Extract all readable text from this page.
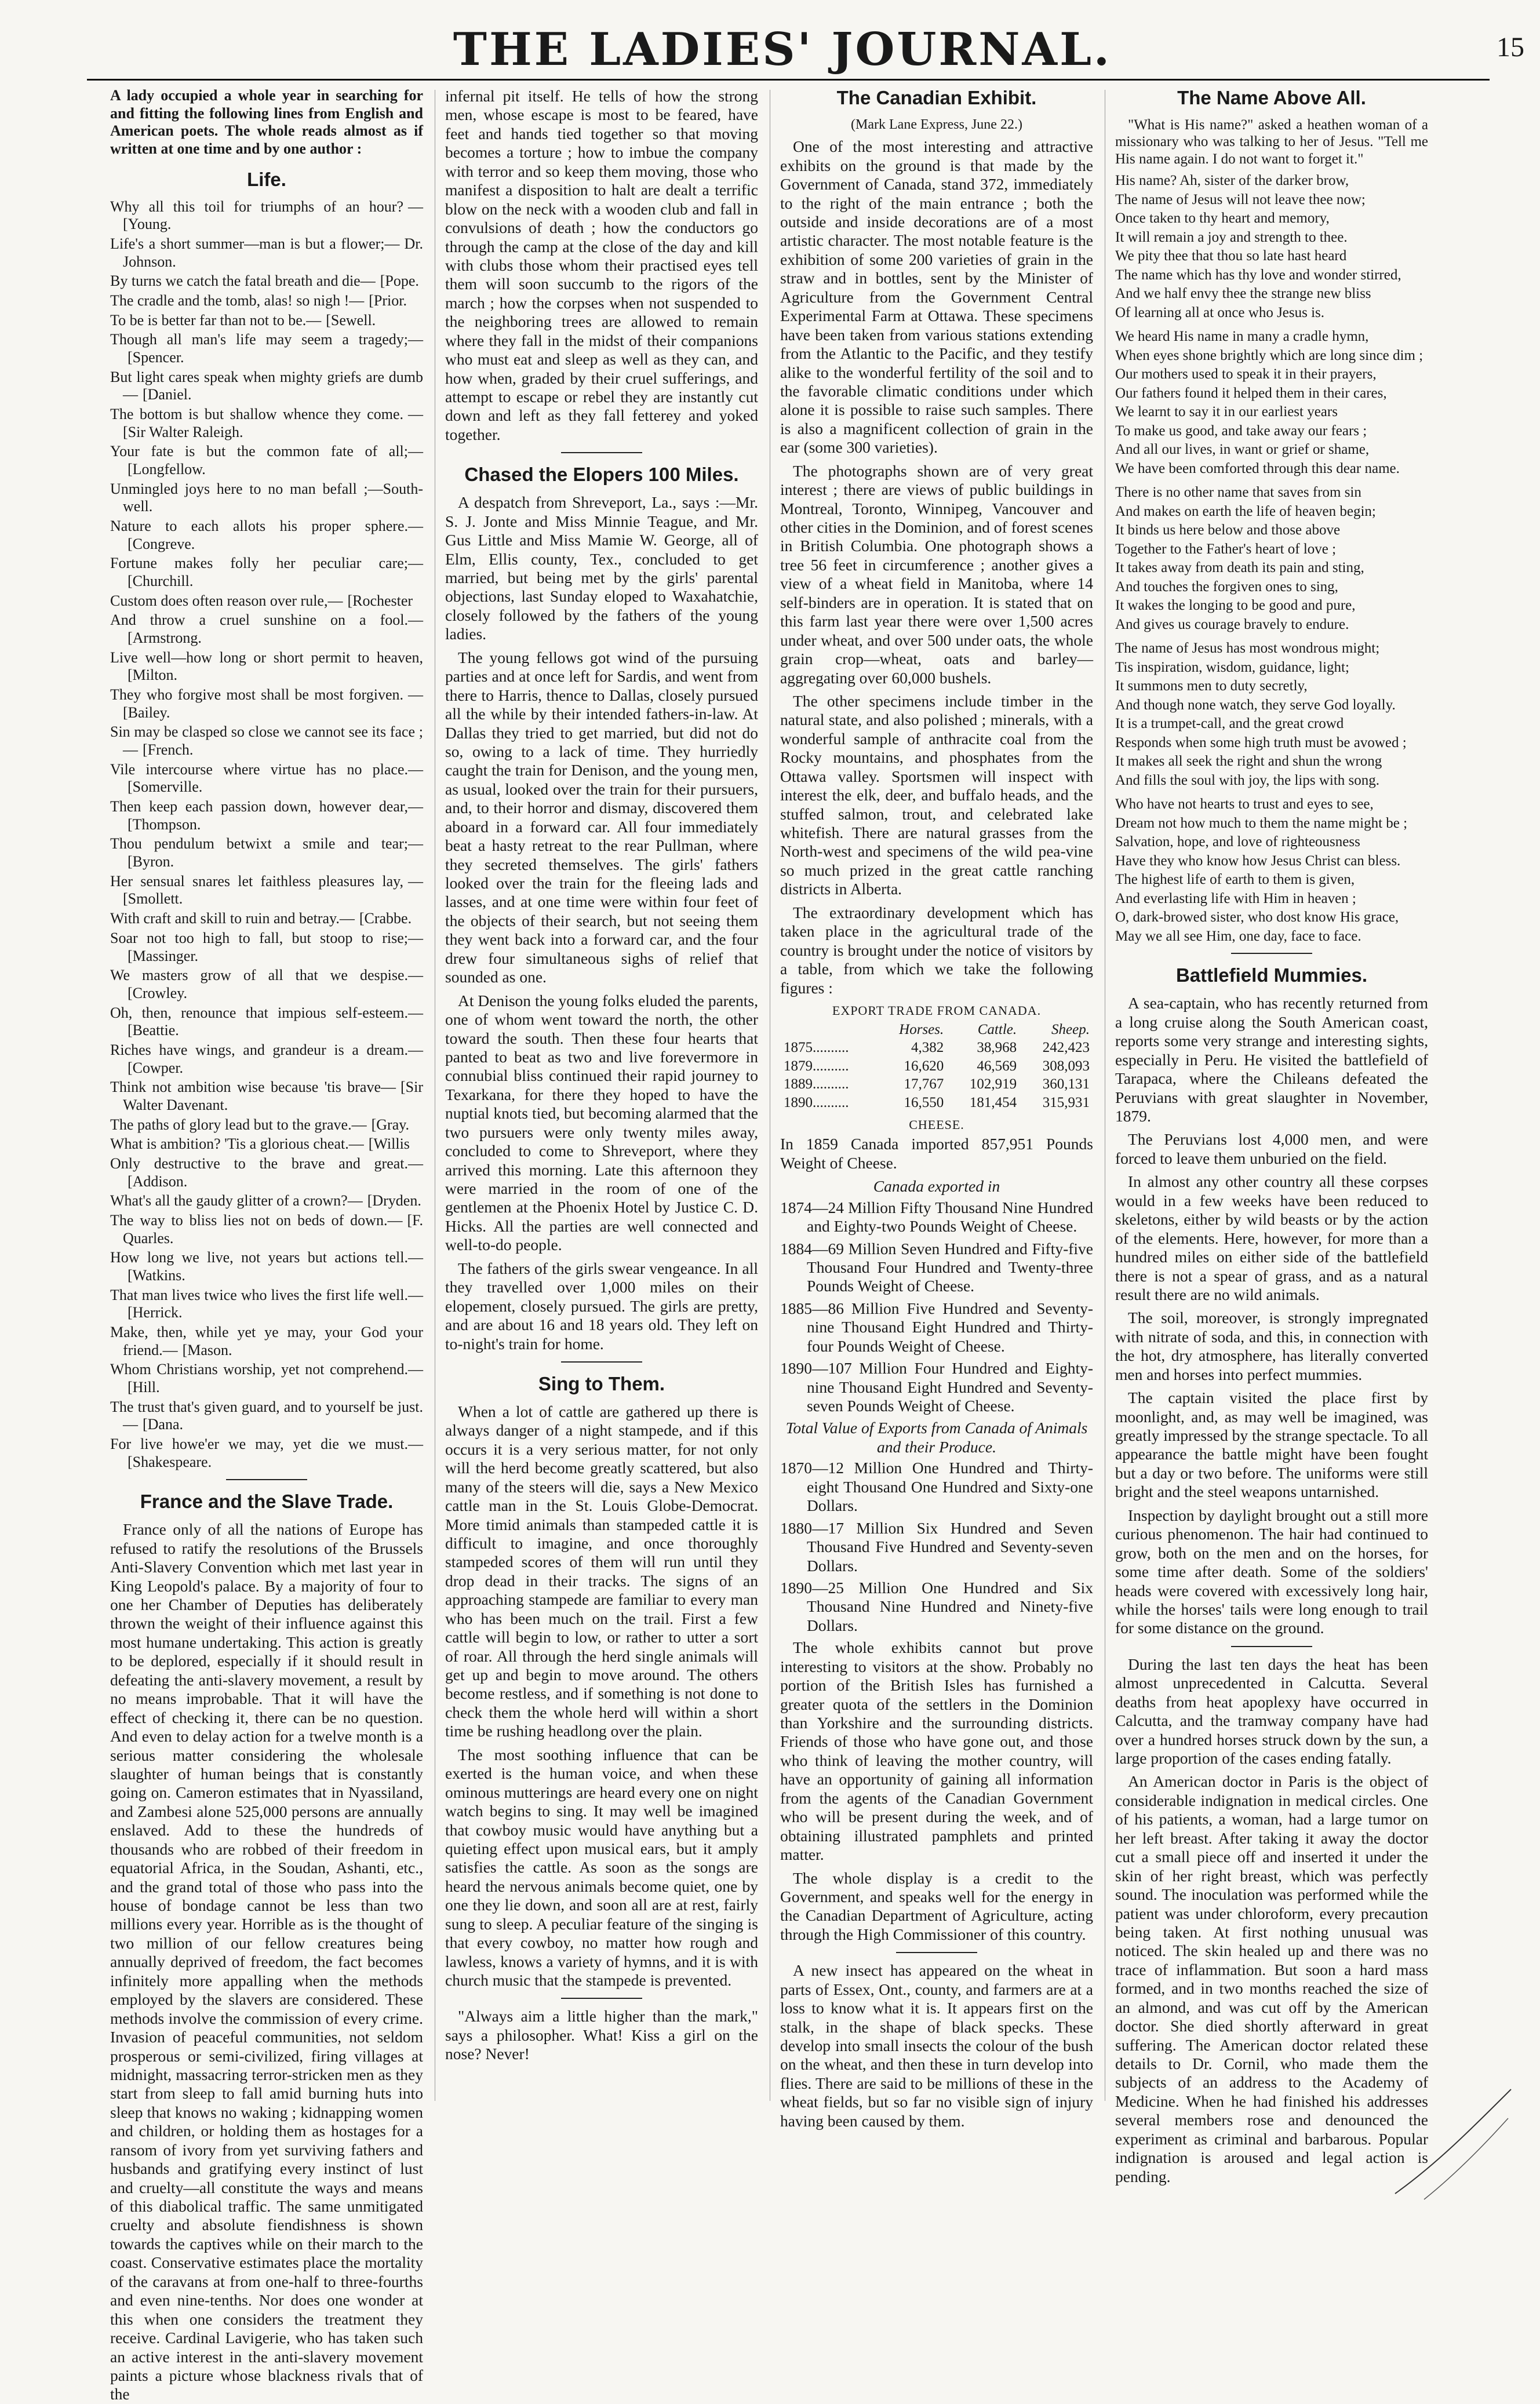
THE LADIES' JOURNAL.	15

A lady occupied a whole year in searching for and fitting the following lines from English and American poets. The whole reads almost as if written at one time and by one author :

Life.
Why all this toil for triumphs of an hour? —[Young.
Life's a short summer—man is but a flower;— Dr. Johnson.
By turns we catch the fatal breath and die— [Pope.
The cradle and the tomb, alas! so nigh !— [Prior.
To be is better far than not to be.— [Sewell.
Though all man's life may seem a tragedy;—[Spencer.
But light cares speak when mighty griefs are dumb— [Daniel.
The bottom is but shallow whence they come. —[Sir Walter Raleigh.
Your fate is but the common fate of all;—[Longfellow.
Unmingled joys here to no man befall ;—South-well.
Nature to each allots his proper sphere.—[Congreve.
Fortune makes folly her peculiar care;—[Churchill.
Custom does often reason over rule,— [Rochester
And throw a cruel sunshine on a fool.—[Armstrong.
Live well—how long or short permit to heaven,[Milton.
They who forgive most shall be most forgiven. —[Bailey.
Sin may be clasped so close we cannot see its face ;— [French.
Vile intercourse where virtue has no place.—[Somerville.
Then keep each passion down, however dear,—[Thompson.
Thou pendulum betwixt a smile and tear;—[Byron.
Her sensual snares let faithless pleasures lay, —[Smollett.
With craft and skill to ruin and betray.— [Crabbe.
Soar not too high to fall, but stoop to rise;—[Massinger.
We masters grow of all that we despise.—[Crowley.
Oh, then, renounce that impious self-esteem.—[Beattie.
Riches have wings, and grandeur is a dream.—[Cowper.
Think not ambition wise because 'tis brave— [Sir Walter Davenant.
The paths of glory lead but to the grave.— [Gray.
What is ambition? 'Tis a glorious cheat.— [Willis
Only destructive to the brave and great.—[Addison.
What's all the gaudy glitter of a crown?— [Dryden.
The way to bliss lies not on beds of down.— [F. Quarles.
How long we live, not years but actions tell.—[Watkins.
That man lives twice who lives the first life well.—[Herrick.
Make, then, while yet ye may, your God your friend.— [Mason.
Whom Christians worship, yet not comprehend.—[Hill.
The trust that's given guard, and to yourself be just.— [Dana.
For live howe'er we may, yet die we must.—[Shakespeare.
France and the Slave Trade.

France only of all the nations of Europe has refused to ratify the resolutions of the Brussels Anti-Slavery Convention which met last year in King Leopold's palace. By a majority of four to one her Chamber of Deputies has deliberately thrown the weight of their influence against this most humane undertaking. This action is greatly to be deplored, especially if it should result in defeating the anti-slavery movement, a result by no means improbable. That it will have the effect of checking it, there can be no question. And even to delay action for a twelve month is a serious matter considering the wholesale slaughter of human beings that is constantly going on. Cameron estimates that in Nyassiland, and Zambesi alone 525,000 persons are annually enslaved. Add to these the hundreds of thousands who are robbed of their freedom in equatorial Africa, in the Soudan, Ashanti, etc., and the grand total of those who pass into the house of bondage cannot be less than two millions every year. Horrible as is the thought of two million of our fellow creatures being annually deprived of freedom, the fact becomes infinitely more appalling when the methods employed by the slavers are considered. These methods involve the commission of every crime. Invasion of peaceful communities, not seldom prosperous or semi-civilized, firing villages at midnight, massacring terror-stricken men as they start from sleep to fall amid burning huts into sleep that knows no waking ; kidnapping women and children, or holding them as hostages for a ransom of ivory from yet surviving fathers and husbands and gratifying every instinct of lust and cruelty—all constitute the ways and means of this diabolical traffic. The same unmitigated cruelty and absolute fiendishness is shown towards the captives while on their march to the coast. Conservative estimates place the mortality of the caravans at from one-half to three-fourths and even nine-tenths. Nor does one wonder at this when one considers the treatment they receive. Cardinal Lavigerie, who has taken such an active interest in the anti-slavery movement paints a picture whose blackness rivals that of the

infernal pit itself. He tells of how the strong men, whose escape is most to be feared, have feet and hands tied together so that moving becomes a torture ; how to imbue the company with terror and so keep them moving, those who manifest a disposition to halt are dealt a terrific blow on the neck with a wooden club and fall in convulsions of death ; how the conductors go through the camp at the close of the day and kill with clubs those whom their practised eyes tell them will soon succumb to the rigors of the march ; how the corpses when not suspended to the neighboring trees are allowed to remain where they fall in the midst of their companions who must eat and sleep as well as they can, and how when, graded by their cruel sufferings, and attempt to escape or rebel they are instantly cut down and left as they fall fetterey and yoked together.

Chased the Elopers 100 Miles.

A despatch from Shreveport, La., says :—Mr. S. J. Jonte and Miss Minnie Teague, and Mr. Gus Little and Miss Mamie W. George, all of Elm, Ellis county, Tex., concluded to get married, but being met by the girls' parental objections, last Sunday eloped to Waxahatchie, closely followed by the fathers of the young ladies.

The young fellows got wind of the pursuing parties and at once left for Sardis, and went from there to Harris, thence to Dallas, closely pursued all the while by their intended fathers-in-law. At Dallas they tried to get married, but did not do so, owing to a lack of time. They hurriedly caught the train for Denison, and the young men, as usual, looked over the train for their pursuers, and, to their horror and dismay, discovered them aboard in a forward car. All four immediately beat a hasty retreat to the rear Pullman, where they secreted themselves. The girls' fathers looked over the train for the fleeing lads and lasses, and at one time were within four feet of the objects of their search, but not seeing them they went back into a forward car, and the four drew four simultaneous sighs of relief that sounded as one.

At Denison the young folks eluded the parents, one of whom went toward the north, the other toward the south. Then these four hearts that panted to beat as two and live forevermore in connubial bliss continued their rapid journey to Texarkana, for there they hoped to have the nuptial knots tied, but becoming alarmed that the two pursuers were only twenty miles away, concluded to come to Shreveport, where they arrived this morning. Late this afternoon they were married in the room of one of the gentlemen at the Phoenix Hotel by Justice C. D. Hicks. All the parties are well connected and well-to-do people.

The fathers of the girls swear vengeance. In all they travelled over 1,000 miles on their elopement, closely pursued. The girls are pretty, and are about 16 and 18 years old. They left on to-night's train for home.

Sing to Them.

When a lot of cattle are gathered up there is always danger of a night stampede, and if this occurs it is a very serious matter, for not only will the herd become greatly scattered, but also many of the steers will die, says a New Mexico cattle man in the St. Louis Globe-Democrat. More timid animals than stampeded cattle it is difficult to imagine, and once thoroughly stampeded scores of them will run until they drop dead in their tracks. The signs of an approaching stampede are familiar to every man who has been much on the trail. First a few cattle will begin to low, or rather to utter a sort of roar. All through the herd single animals will get up and begin to move around. The others become restless, and if something is not done to check them the whole herd will within a short time be rushing headlong over the plain.

The most soothing influence that can be exerted is the human voice, and when these ominous mutterings are heard every one on night watch begins to sing. It may well be imagined that cowboy music would have anything but a quieting effect upon musical ears, but it amply satisfies the cattle. As soon as the songs are heard the nervous animals become quiet, one by one they lie down, and soon all are at rest, fairly sung to sleep. A peculiar feature of the singing is that every cowboy, no matter how rough and lawless, knows a variety of hymns, and it is with church music that the stampede is prevented.

"Always aim a little higher than the mark," says a philosopher. What! Kiss a girl on the nose? Never!

The Canadian Exhibit.
(Mark Lane Express, June 22.)

One of the most interesting and attractive exhibits on the ground is that made by the Government of Canada, stand 372, immediately to the right of the main entrance ; both the outside and inside decorations are of a most artistic character. The most notable feature is the exhibition of some 200 varieties of grain in the straw and in bottles, sent by the Minister of Agriculture from the Government Central Experimental Farm at Ottawa. These specimens have been taken from various stations extending from the Atlantic to the Pacific, and they testify alike to the wonderful fertility of the soil and to the favorable climatic conditions under which alone it is possible to raise such samples. There is also a magnificent collection of grain in the ear (some 300 varieties).

The photographs shown are of very great interest ; there are views of public buildings in Montreal, Toronto, Winnipeg, Vancouver and other cities in the Dominion, and of forest scenes in British Columbia. One photograph shows a tree 56 feet in circumference ; another gives a view of a wheat field in Manitoba, where 14 self-binders are in operation. It is stated that on this farm last year there were over 1,500 acres under wheat, and over 500 under oats, the whole grain crop—wheat, oats and barley—aggregating over 60,000 bushels.

The other specimens include timber in the natural state, and also polished ; minerals, with a wonderful sample of anthracite coal from the Rocky mountains, and phosphates from the Ottawa valley. Sportsmen will inspect with interest the elk, deer, and buffalo heads, and the stuffed salmon, trout, and celebrated lake whitefish. There are natural grasses from the North-west and specimens of the wild pea-vine so much prized in the great cattle ranching districts in Alberta.

The extraordinary development which has taken place in the agricultural trade of the country is brought under the notice of visitors by a table, from which we take the following figures :

EXPORT TRADE FROM CANADA.
	Horses.	Cattle.	Sheep.
1875..........	4,382	38,968	242,423
1879..........	16,620	46,569	308,093
1889..........	17,767	102,919	360,131
1890..........	16,550	181,454	315,931
CHEESE.

In 1859 Canada imported 857,951 Pounds Weight of Cheese.

Canada exported in
1874—24 Million Fifty Thousand Nine Hundred and Eighty-two Pounds Weight of Cheese.
1884—69 Million Seven Hundred and Fifty-five Thousand Four Hundred and Twenty-three Pounds Weight of Cheese.
1885—86 Million Five Hundred and Seventy-nine Thousand Eight Hundred and Thirty-four Pounds Weight of Cheese.
1890—107 Million Four Hundred and Eighty-nine Thousand Eight Hundred and Seventy-seven Pounds Weight of Cheese.
Total Value of Exports from Canada of Animals and their Produce.
1870—12 Million One Hundred and Thirty-eight Thousand One Hundred and Sixty-one Dollars.
1880—17 Million Six Hundred and Seven Thousand Five Hundred and Seventy-seven Dollars.
1890—25 Million One Hundred and Six Thousand Nine Hundred and Ninety-five Dollars.

The whole exhibits cannot but prove interesting to visitors at the show. Probably no portion of the British Isles has furnished a greater quota of the settlers in the Dominion than Yorkshire and the surrounding districts. Friends of those who have gone out, and those who think of leaving the mother country, will have an opportunity of gaining all information from the agents of the Canadian Government who will be present during the week, and of obtaining illustrated pamphlets and printed matter.

The whole display is a credit to the Government, and speaks well for the energy in the Canadian Department of Agriculture, acting through the High Commissioner of this country.

A new insect has appeared on the wheat in parts of Essex, Ont., county, and farmers are at a loss to know what it is. It appears first on the stalk, in the shape of black specks. These develop into small insects the colour of the bush on the wheat, and then these in turn develop into flies. There are said to be millions of these in the wheat fields, but so far no visible sign of injury having been caused by them.

The Name Above All.

"What is His name?" asked a heathen woman of a missionary who was talking to her of Jesus. "Tell me His name again. I do not want to forget it."

His name? Ah, sister of the darker brow,
The name of Jesus will not leave thee now;
Once taken to thy heart and memory,
It will remain a joy and strength to thee.
We pity thee that thou so late hast heard
The name which has thy love and wonder stirred,
And we half envy thee the strange new bliss
Of learning all at once who Jesus is.
We heard His name in many a cradle hymn,
When eyes shone brightly which are long since dim ;
Our mothers used to speak it in their prayers,
Our fathers found it helped them in their cares,
We learnt to say it in our earliest years
To make us good, and take away our fears ;
And all our lives, in want or grief or shame,
We have been comforted through this dear name.
There is no other name that saves from sin
And makes on earth the life of heaven begin;
It binds us here below and those above
Together to the Father's heart of love ;
It takes away from death its pain and sting,
And touches the forgiven ones to sing,
It wakes the longing to be good and pure,
And gives us courage bravely to endure.
The name of Jesus has most wondrous might;
Tis inspiration, wisdom, guidance, light;
It summons men to duty secretly,
And though none watch, they serve God loyally.
It is a trumpet-call, and the great crowd
Responds when some high truth must be avowed ;
It makes all seek the right and shun the wrong
And fills the soul with joy, the lips with song.
Who have not hearts to trust and eyes to see,
Dream not how much to them the name might be ;
Salvation, hope, and love of righteousness
Have they who know how Jesus Christ can bless.
The highest life of earth to them is given,
And everlasting life with Him in heaven ;
O, dark-browed sister, who dost know His grace,
May we all see Him, one day, face to face.
Battlefield Mummies.

A sea-captain, who has recently returned from a long cruise along the South American coast, reports some very strange and interesting sights, especially in Peru. He visited the battlefield of Tarapaca, where the Chileans defeated the Peruvians with great slaughter in November, 1879.

The Peruvians lost 4,000 men, and were forced to leave them unburied on the field.

In almost any other country all these corpses would in a few weeks have been reduced to skeletons, either by wild beasts or by the action of the elements. Here, however, for more than a hundred miles on either side of the battlefield there is not a spear of grass, and as a natural result there are no wild animals.

The soil, moreover, is strongly impregnated with nitrate of soda, and this, in connection with the hot, dry atmosphere, has literally converted men and horses into perfect mummies.

The captain visited the place first by moonlight, and, as may well be imagined, was greatly impressed by the strange spectacle. To all appearance the battle might have been fought but a day or two before. The uniforms were still bright and the steel weapons untarnished.

Inspection by daylight brought out a still more curious phenomenon. The hair had continued to grow, both on the men and on the horses, for some time after death. Some of the soldiers' heads were covered with excessively long hair, while the horses' tails were long enough to trail for some distance on the ground.

During the last ten days the heat has been almost unprecedented in Calcutta. Several deaths from heat apoplexy have occurred in Calcutta, and the tramway company have had over a hundred horses struck down by the sun, a large proportion of the cases ending fatally.

An American doctor in Paris is the object of considerable indignation in medical circles. One of his patients, a woman, had a large tumor on her left breast. After taking it away the doctor cut a small piece off and inserted it under the skin of her right breast, which was perfectly sound. The inoculation was performed while the patient was under chloroform, every precaution being taken. At first nothing unusual was noticed. The skin healed up and there was no trace of inflammation. But soon a hard mass formed, and in two months reached the size of an almond, and was cut off by the American doctor. She died shortly afterward in great suffering. The American doctor related these details to Dr. Cornil, who made them the subjects of an address to the Academy of Medicine. When he had finished his addresses several members rose and denounced the experiment as criminal and barbarous. Popular indignation is aroused and legal action is pending.
